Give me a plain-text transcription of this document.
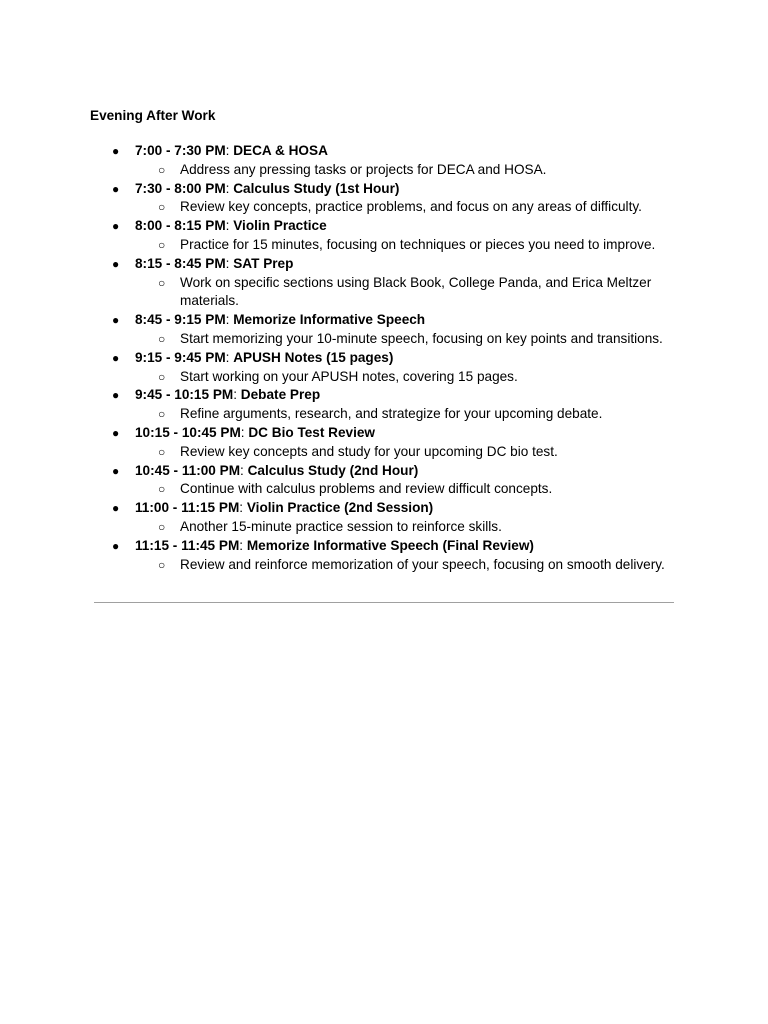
Evening After Work
● 7:00 - 7:30 PM: DECA & HOSA
○ Address any pressing tasks or projects for DECA and HOSA.
● 7:30 - 8:00 PM: Calculus Study (1st Hour)
○ Review key concepts, practice problems, and focus on any areas of difficulty.
● 8:00 - 8:15 PM: Violin Practice
○ Practice for 15 minutes, focusing on techniques or pieces you need to improve.
● 8:15 - 8:45 PM: SAT Prep
○ Work on specific sections using Black Book, College Panda, and Erica Meltzer materials.
● 8:45 - 9:15 PM: Memorize Informative Speech
○ Start memorizing your 10-minute speech, focusing on key points and transitions.
● 9:15 - 9:45 PM: APUSH Notes (15 pages)
○ Start working on your APUSH notes, covering 15 pages.
● 9:45 - 10:15 PM: Debate Prep
○ Refine arguments, research, and strategize for your upcoming debate.
● 10:15 - 10:45 PM: DC Bio Test Review
○ Review key concepts and study for your upcoming DC bio test.
● 10:45 - 11:00 PM: Calculus Study (2nd Hour)
○ Continue with calculus problems and review difficult concepts.
● 11:00 - 11:15 PM: Violin Practice (2nd Session)
○ Another 15-minute practice session to reinforce skills.
● 11:15 - 11:45 PM: Memorize Informative Speech (Final Review)
○ Review and reinforce memorization of your speech, focusing on smooth delivery.
